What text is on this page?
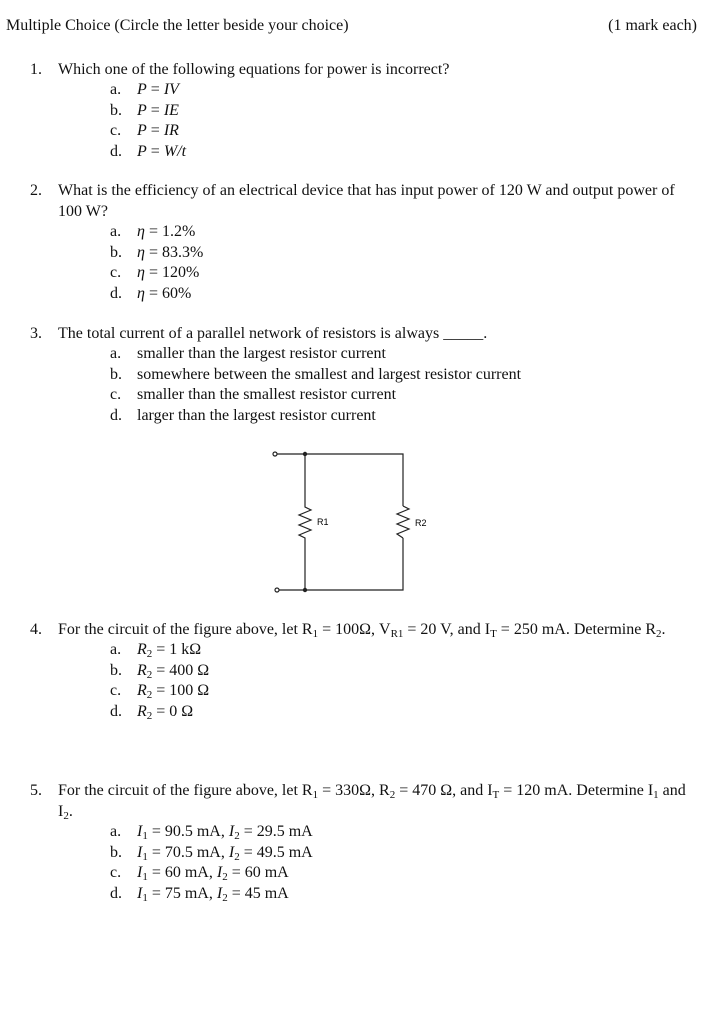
Multiple Choice (Circle the letter beside your choice)	(1 mark each)
1.	Which one of the following equations for power is incorrect?
a. P = IV
b. P = IE
c. P = IR
d. P = W/t
2.	What is the efficiency of an electrical device that has input power of 120 W and output power of 100 W?
a. η = 1.2%
b. η = 83.3%
c. η = 120%
d. η = 60%
3.	The total current of a parallel network of resistors is always _____.
a. smaller than the largest resistor current
b. somewhere between the smallest and largest resistor current
c. smaller than the smallest resistor current
d. larger than the largest resistor current
4.	For the circuit of the figure above, let $R_1 = 100\Omega$, $V_{R1} = 20$ V, and $I_T = 250$ mA. Determine $R_2$.
a. $R_2 = 1$ kΩ
b. $R_2 = 400$ Ω
c. $R_2 = 100$ Ω
d. $R_2 = 0$ Ω
5.	For the circuit of the figure above, let $R_1 = 330\Omega$, $R_2 = 470$ Ω, and $I_T = 120$ mA. Determine $I_1$ and $I_2$.
a. $I_1 = 90.5$ mA, $I_2 = 29.5$ mA
b. $I_1 = 70.5$ mA, $I_2 = 49.5$ mA
c. $I_1 = 60$ mA, $I_2 = 60$ mA
d. $I_1 = 75$ mA, $I_2 = 45$ mA
R1	R2
